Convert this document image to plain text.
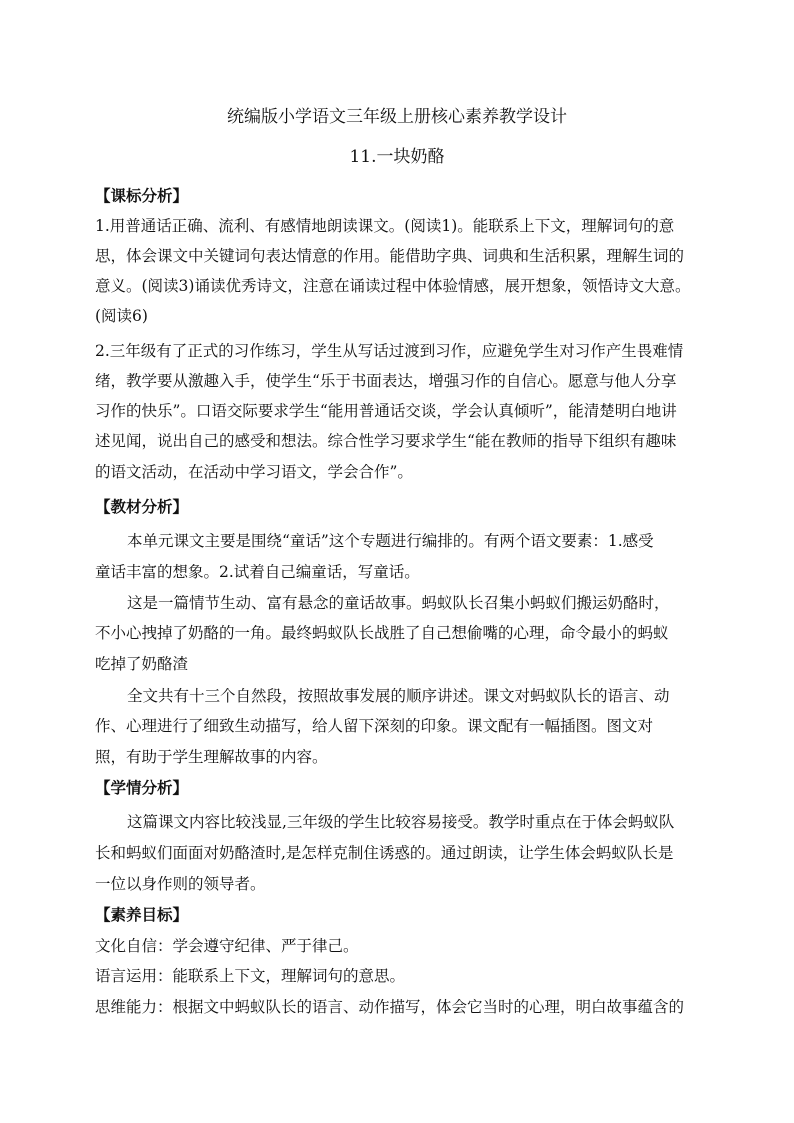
统编版小学语文三年级上册核心素养教学设计
11.一块奶酪
【课标分析】
1.用普通话正确、流利、有感情地朗读课文。(阅读1)。能联系上下文，理解词句的意
思，体会课文中关键词句表达情意的作用。能借助字典、词典和生活积累，理解生词的
意义。(阅读3)诵读优秀诗文，注意在诵读过程中体验情感，展开想象，领悟诗文大意。
(阅读6)
2.三年级有了正式的习作练习，学生从写话过渡到习作，应避免学生对习作产生畏难情
绪，教学要从激趣入手，使学生“乐于书面表达，增强习作的自信心。愿意与他人分享
习作的快乐”。口语交际要求学生“能用普通话交谈，学会认真倾听”，能清楚明白地讲
述见闻，说出自己的感受和想法。综合性学习要求学生“能在教师的指导下组织有趣味
的语文活动，在活动中学习语文，学会合作”。
【教材分析】
本单元课文主要是围绕“童话”这个专题进行编排的。有两个语文要素：1.感受
童话丰富的想象。2.试着自己编童话，写童话。
这是一篇情节生动、富有悬念的童话故事。蚂蚁队长召集小蚂蚁们搬运奶酪时，
不小心拽掉了奶酪的一角。最终蚂蚁队长战胜了自己想偷嘴的心理，命令最小的蚂蚁
吃掉了奶酪渣
全文共有十三个自然段，按照故事发展的顺序讲述。课文对蚂蚁队长的语言、动
作、心理进行了细致生动描写，给人留下深刻的印象。课文配有一幅插图。图文对
照，有助于学生理解故事的内容。
【学情分析】
这篇课文内容比较浅显,三年级的学生比较容易接受。教学时重点在于体会蚂蚁队
长和蚂蚁们面面对奶酪渣时,是怎样克制住诱惑的。通过朗读，让学生体会蚂蚁队长是
一位以身作则的领导者。
【素养目标】
文化自信：学会遵守纪律、严于律己。
语言运用：能联系上下文，理解词句的意思。
思维能力：根据文中蚂蚁队长的语言、动作描写，体会它当时的心理，明白故事蕴含的
